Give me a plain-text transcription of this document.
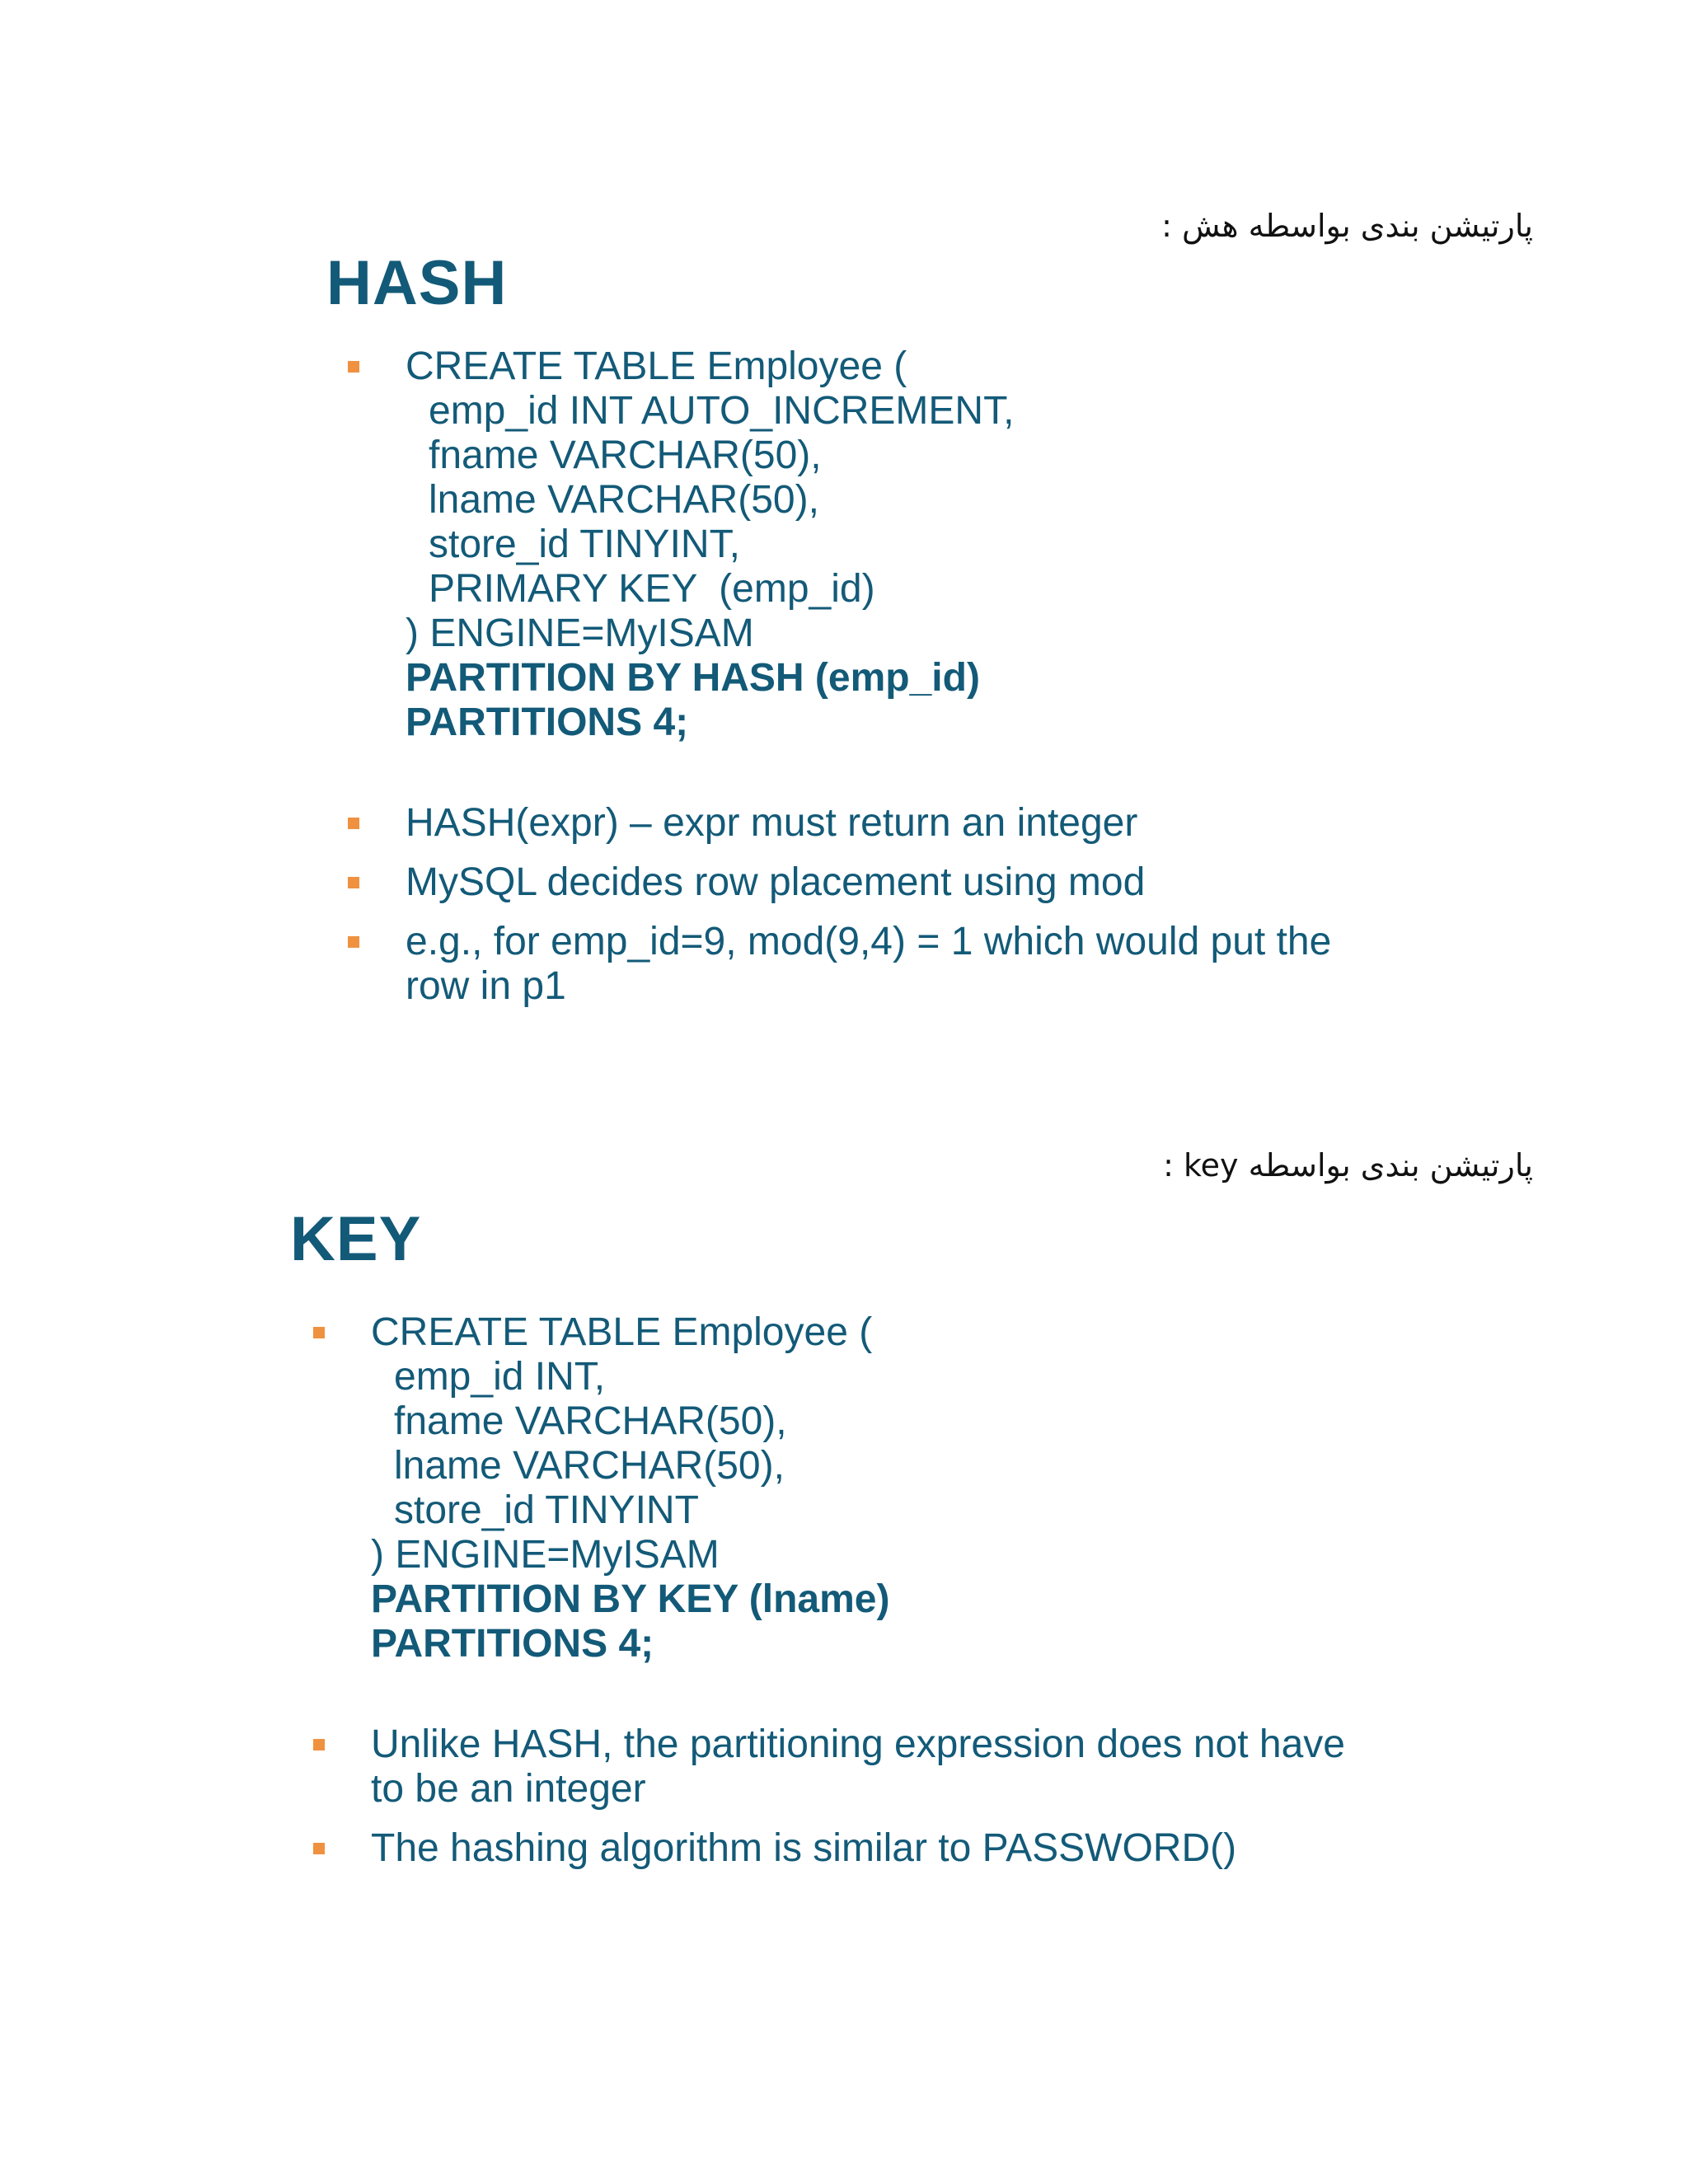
پارتیشن بندی بواسطه هش :
HASH
CREATE TABLE Employee (
emp_id INT AUTO_INCREMENT,
fname VARCHAR(50),
lname VARCHAR(50),
store_id TINYINT,
PRIMARY KEY  (emp_id)
) ENGINE=MyISAM
PARTITION BY HASH (emp_id)
PARTITIONS 4;
HASH(expr) – expr must return an integer
MySQL decides row placement using mod
e.g., for emp_id=9, mod(9,4) = 1 which would put the
row in p1
پارتیشن بندی بواسطه key :
KEY
CREATE TABLE Employee (
emp_id INT,
fname VARCHAR(50),
lname VARCHAR(50),
store_id TINYINT
) ENGINE=MyISAM
PARTITION BY KEY (lname)
PARTITIONS 4;
Unlike HASH, the partitioning expression does not have
to be an integer
The hashing algorithm is similar to PASSWORD()
